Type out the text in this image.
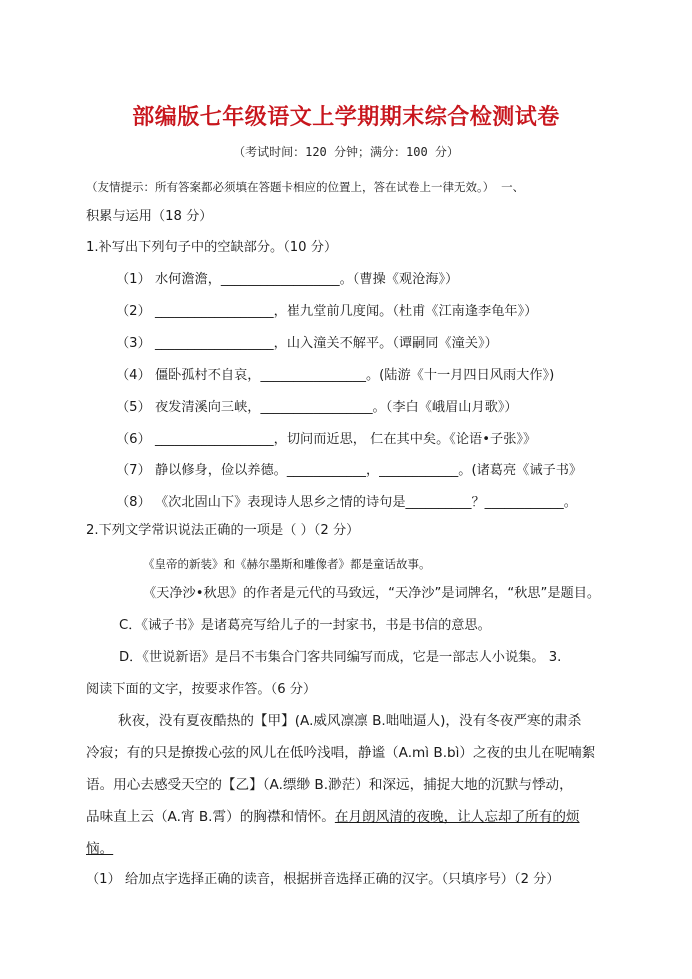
部编版七年级语文上学期期末综合检测试卷
（考试时间：120 分钟；满分：100 分）
（友情提示：所有答案都必须填在答题卡相应的位置上，答在试卷上一律无效。） 一、
积累与运用（18 分）
1.补写出下列句子中的空缺部分。（10 分）
（1） 水何澹澹，__________________。（曹操《观沧海》）
（2） __________________，崔九堂前几度闻。（杜甫《江南逢李龟年》）
（3） __________________，山入潼关不解平。（谭嗣同《潼关》）
（4） 僵卧孤村不自哀，________________。(陆游《十一月四日风雨大作》)
（5） 夜发清溪向三峡，_________________。（李白《峨眉山月歌》）
（6） __________________，切问而近思， 仁在其中矣。《论语•子张》》
（7） 静以修身，俭以养德。____________，____________。(诸葛亮《诫子书》
（8） 《次北固山下》表现诗人思乡之情的诗句是__________？____________。
2.下列文学常识说法正确的一项是（ ）（2 分）
《皇帝的新装》和《赫尔墨斯和雕像者》都是童话故事。
《天净沙•秋思》的作者是元代的马致远，“天净沙”是词牌名，“秋思”是题目。
C．《诫子书》是诸葛亮写给儿子的一封家书，书是书信的意思。
D．《世说新语》是吕不韦集合门客共同编写而成，它是一部志人小说集。 3.
阅读下面的文字，按要求作答。（6 分）
秋夜，没有夏夜酷热的【甲】(A.威风凛凛 B.咄咄逼人)，没有冬夜严寒的肃杀
冷寂；有的只是撩拨心弦的风儿在低吟浅唱，静谧（A.mì B.bì）之夜的虫儿在呢喃絮
语。用心去感受天空的【乙】（A.缥缈 B.渺茫）和深远，捕捉大地的沉默与悸动，
品味直上云（A.宵 B.霄）的胸襟和情怀。在月朗风清的夜晚，让人忘却了所有的烦
恼。
（1） 给加点字选择正确的读音，根据拼音选择正确的汉字。（只填序号）（2 分）
